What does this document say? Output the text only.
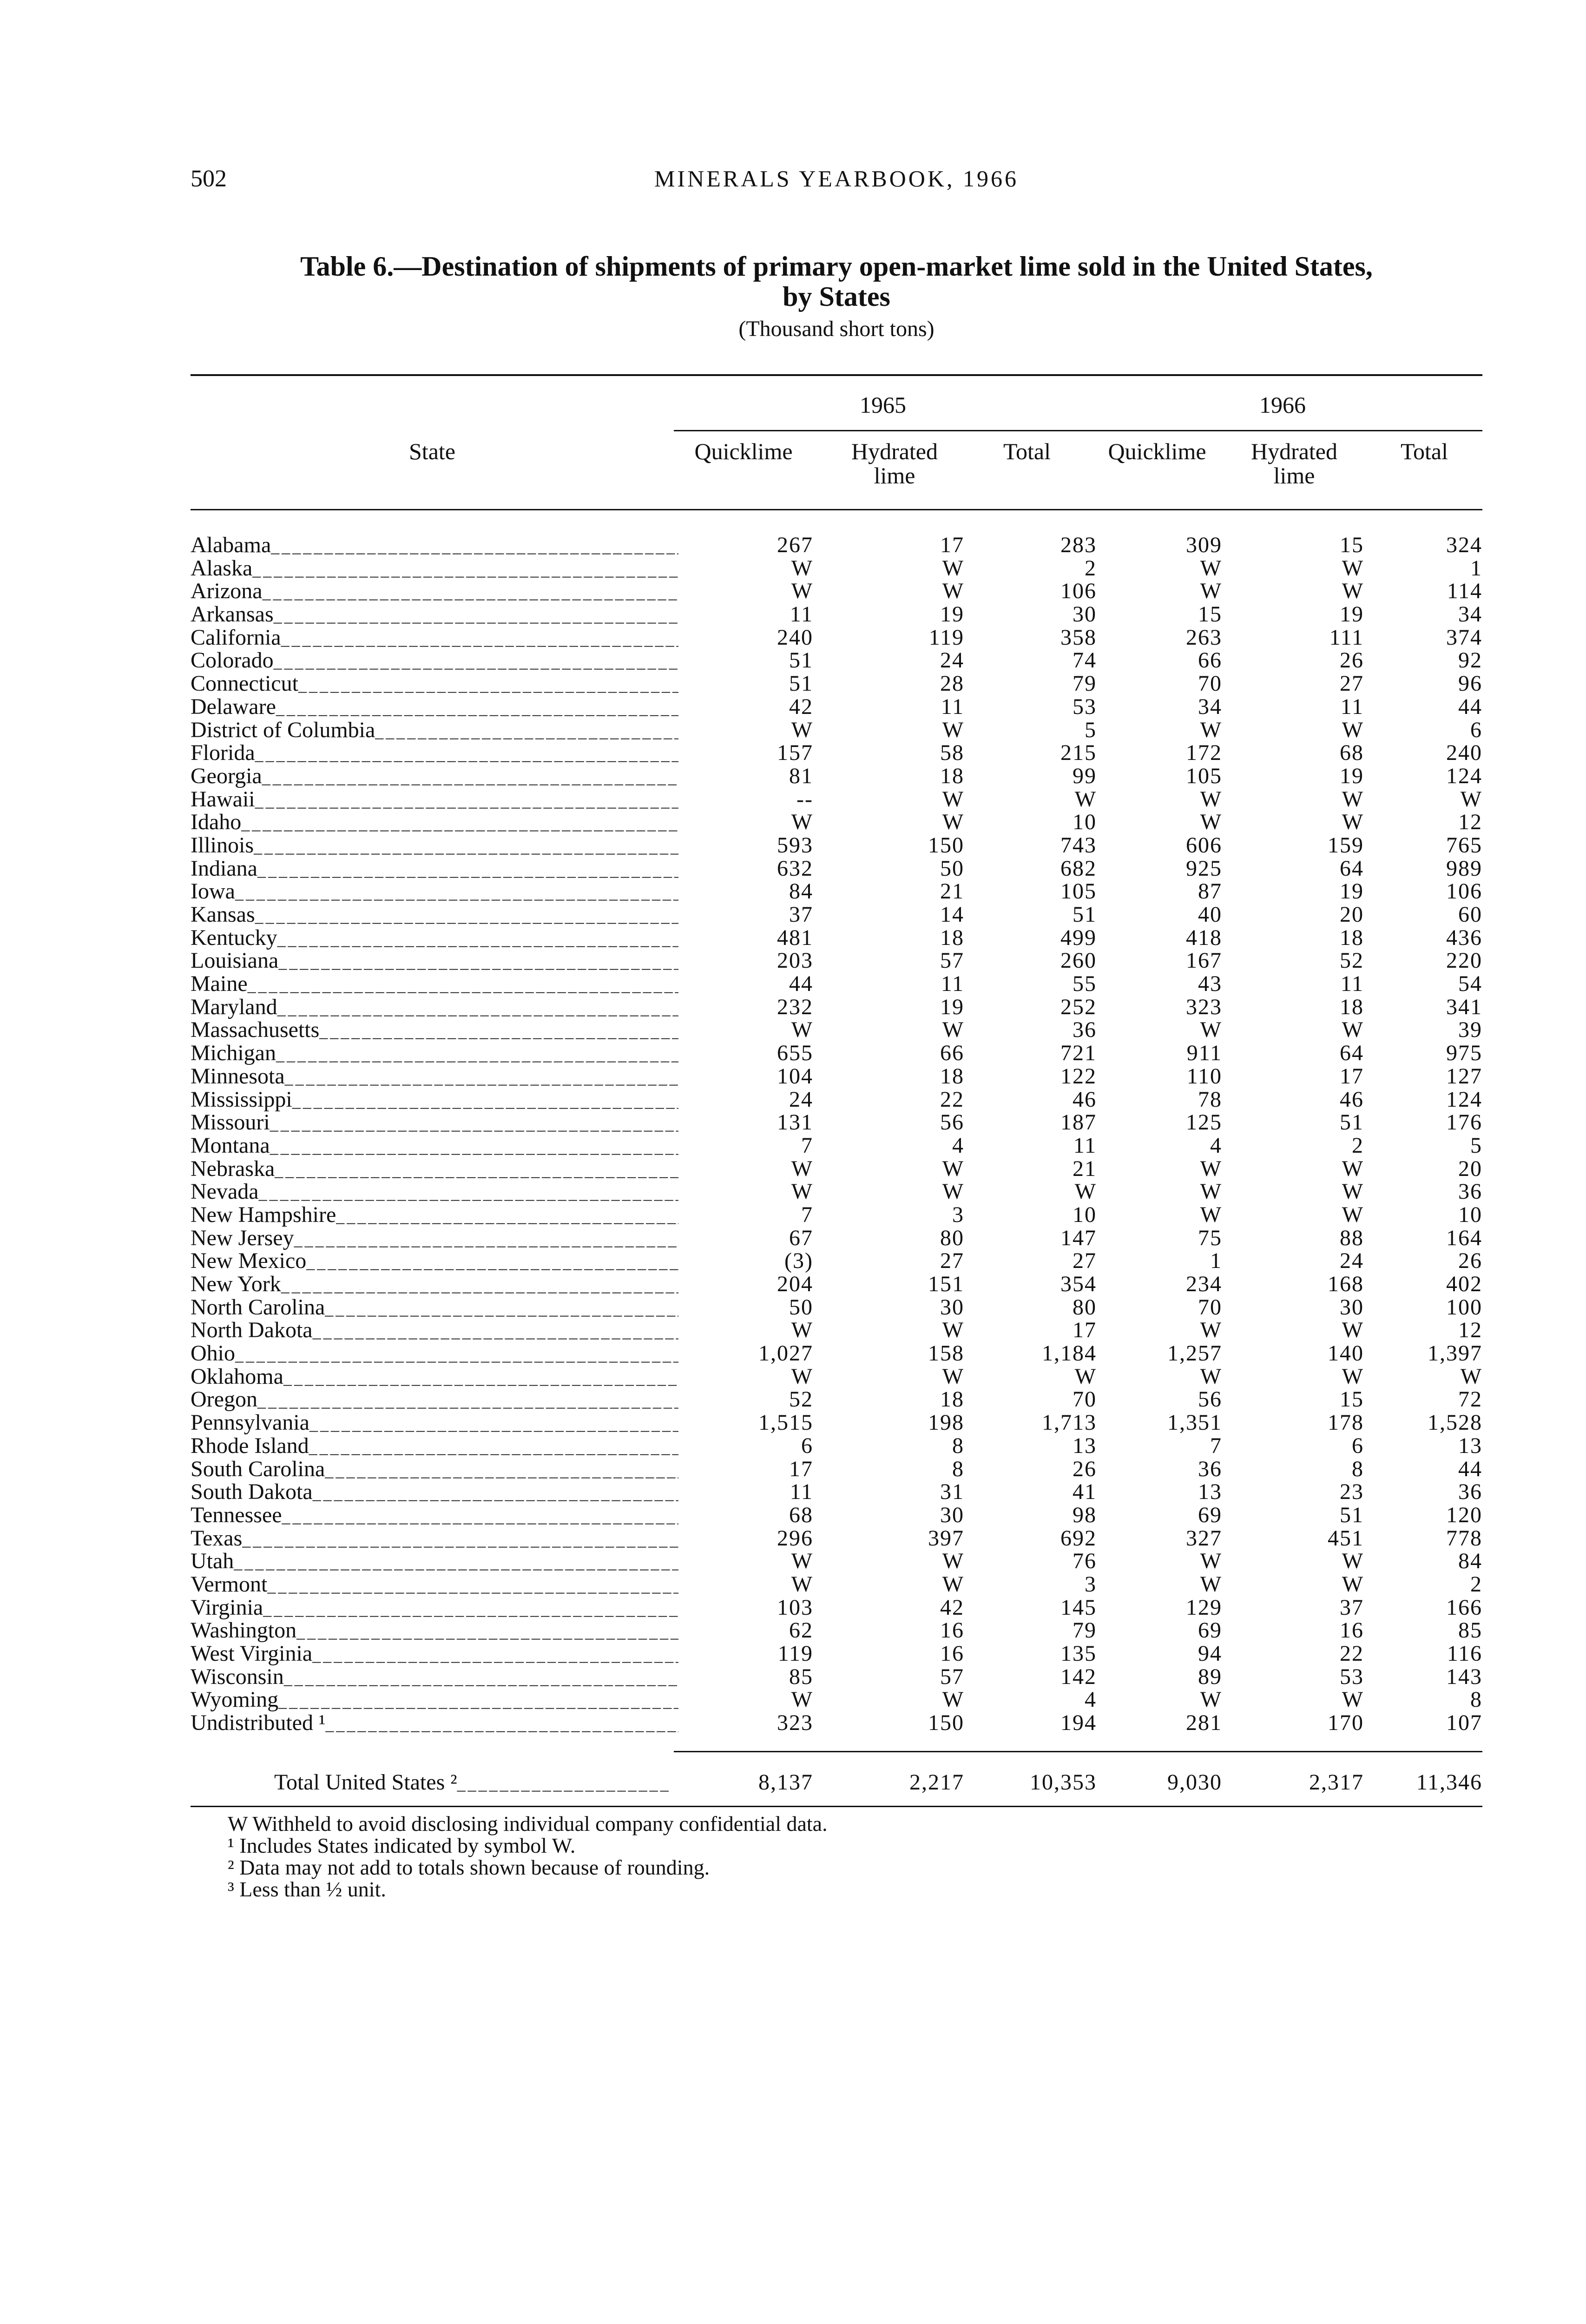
502	MINERALS YEARBOOK, 1966
Table 6.—Destination of shipments of primary open-market lime sold in the United States,
by States
(Thousand short tons)
1965	1966
State	Quicklime	Hydrated
lime
Total	Quicklime	Hydrated
lime
Total
Alabama _ _ _	267	17	283	309	15	324
Alaska _ _ _	W	W	2	W	W	1
Arizona _ _ _	W	W	106	W	W	114
Arkansas _ _ _	11	19	30	15	19	34
California _ _ _	240	119	358	263	111	374
Colorado _ _ _	51	24	74	66	26	92
Connecticut _ _ _	51	28	79	70	27	96
Delaware _ _ _	42	11	53	34	11	44
District of Columbia _ _ _	W	W	5	W	W	6
Florida _ _ _	157	58	215	172	68	240
Georgia _ _ _	81	18	99	105	19	124
Hawaii _ _ _	--	W	W	W	W	W
Idaho _ _ _	W	W	10	W	W	12
Illinois _ _ _	593	150	743	606	159	765
Indiana _ _ _	632	50	682	925	64	989
Iowa _ _ _	84	21	105	87	19	106
Kansas _ _ _	37	14	51	40	20	60
Kentucky _ _ _	481	18	499	418	18	436
Louisiana _ _ _	203	57	260	167	52	220
Maine _ _ _	44	11	55	43	11	54
Maryland _ _ _	232	19	252	323	18	341
Massachusetts _ _ _	W	W	36	W	W	39
Michigan _ _ _	655	66	721	911	64	975
Minnesota _ _ _	104	18	122	110	17	127
Mississippi _ _ _	24	22	46	78	46	124
Missouri _ _ _	131	56	187	125	51	176
Montana _ _ _	7	4	11	4	2	5
Nebraska _ _ _	W	W	21	W	W	20
Nevada _ _ _	W	W	W	W	W	36
New Hampshire _ _ _	7	3	10	W	W	10
New Jersey _ _ _	67	80	147	75	88	164
New Mexico _ _ _	(3)	27	27	1	24	26
New York _ _ _	204	151	354	234	168	402
North Carolina _ _ _	50	30	80	70	30	100
North Dakota _ _ _	W	W	17	W	W	12
Ohio _ _ _	1,027	158	1,184	1,257	140	1,397
Oklahoma _ _ _	W	W	W	W	W	W
Oregon _ _ _	52	18	70	56	15	72
Pennsylvania _ _ _	1,515	198	1,713	1,351	178	1,528
Rhode Island _ _ _	6	8	13	7	6	13
South Carolina _ _ _	17	8	26	36	8	44
South Dakota _ _ _	11	31	41	13	23	36
Tennessee _ _ _	68	30	98	69	51	120
Texas _ _ _	296	397	692	327	451	778
Utah _ _ _	W	W	76	W	W	84
Vermont _ _ _	W	W	3	W	W	2
Virginia _ _ _	103	42	145	129	37	166
Washington _ _ _	62	16	79	69	16	85
West Virginia _ _ _	119	16	135	94	22	116
Wisconsin _ _ _	85	57	142	89	53	143
Wyoming _ _ _	W	W	4	W	W	8
Undistributed ¹ _ _ _	323	150	194	281	170	107
Total United States ² _ _ _	8,137	2,217	10,353	9,030	2,317	11,346
W Withheld to avoid disclosing individual company confidential data.
¹ Includes States indicated by symbol W.
² Data may not add to totals shown because of rounding.
³ Less than ½ unit.
